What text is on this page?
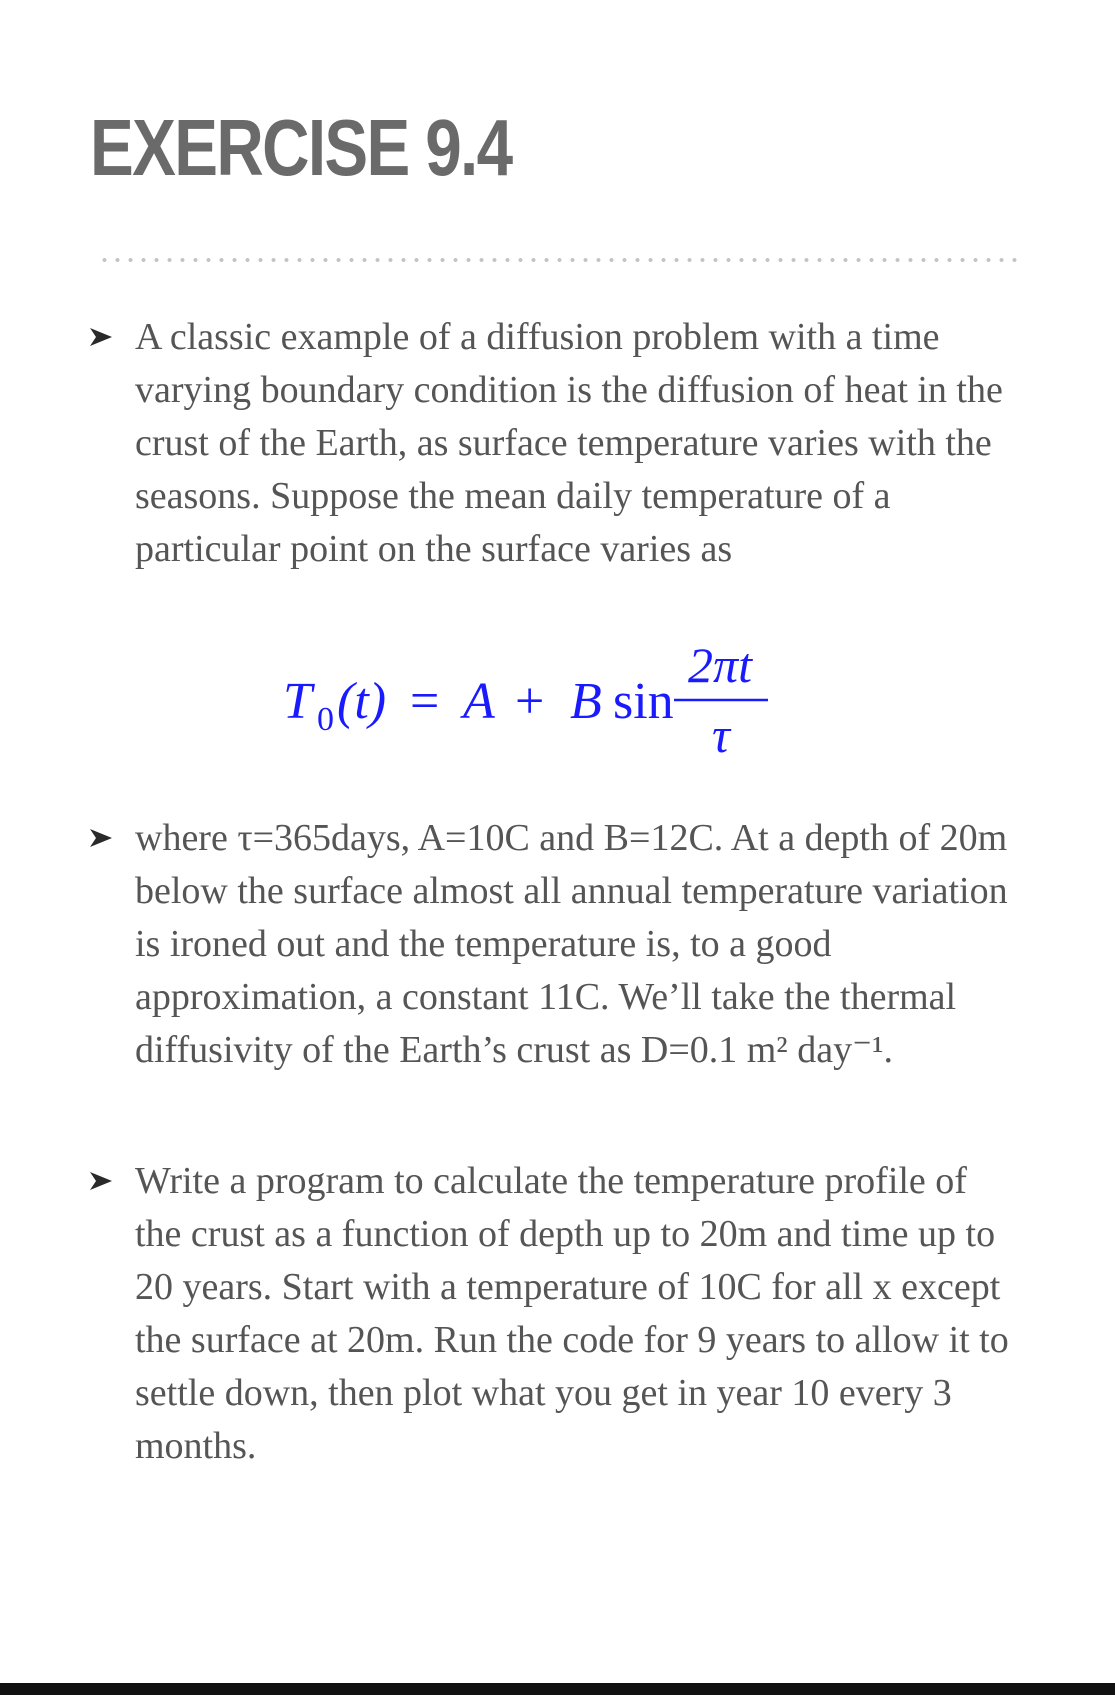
EXERCISE 9.4

A classic example of a diffusion problem with a time varying boundary condition is the diffusion of heat in the crust of the Earth, as surface temperature varies with the seasons. Suppose the mean daily temperature of a particular point on the surface varies as

T 0 (t) = A + B sin
2πt
τ

where τ=365days, A=10C and B=12C. At a depth of 20m below the surface almost all annual temperature variation is ironed out and the temperature is, to a good approximation, a constant 11C. We’ll take the thermal diffusivity of the Earth’s crust as D=0.1 m² day⁻¹.

Write a program to calculate the temperature profile of the crust as a function of depth up to 20m and time up to 20 years. Start with a temperature of 10C for all x except the surface at 20m. Run the code for 9 years to allow it to settle down, then plot what you get in year 10 every 3 months.
